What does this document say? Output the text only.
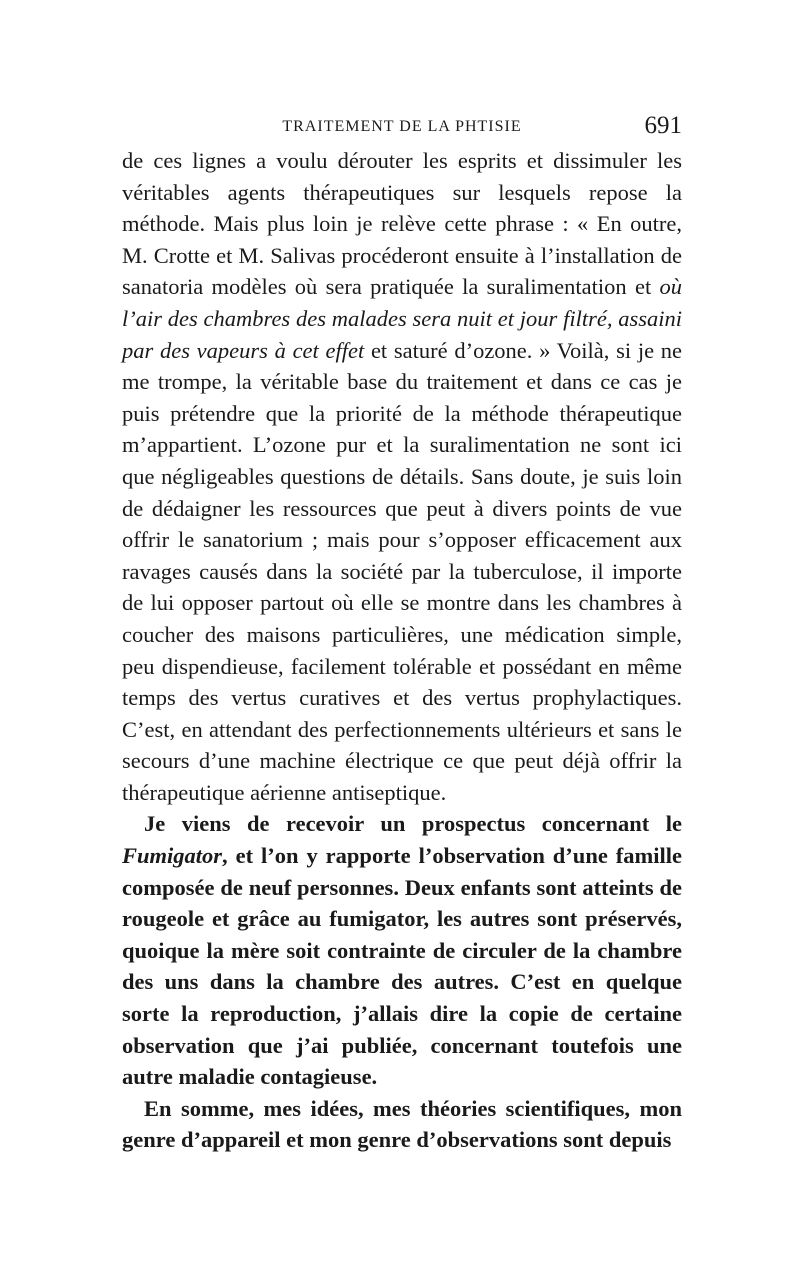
TRAITEMENT DE LA PHTISIE	691

de ces lignes a voulu dérouter les esprits et dissimuler les véritables agents thérapeutiques sur lesquels repose la méthode. Mais plus loin je relève cette phrase : « En outre, M. Crotte et M. Salivas procéderont ensuite à l’installation de sanatoria modèles où sera pratiquée la suralimentation et où l’air des chambres des malades sera nuit et jour filtré, assaini par des vapeurs à cet effet et saturé d’ozone. » Voilà, si je ne me trompe, la véritable base du traitement et dans ce cas je puis prétendre que la priorité de la méthode thérapeutique m’appartient. L’ozone pur et la suralimentation ne sont ici que négligeables questions de détails. Sans doute, je suis loin de dédaigner les ressources que peut à divers points de vue offrir le sanatorium ; mais pour s’opposer efficacement aux ravages causés dans la société par la tuberculose, il importe de lui opposer partout où elle se montre dans les chambres à coucher des maisons particulières, une médication simple, peu dispendieuse, facilement tolérable et possédant en même temps des vertus curatives et des vertus prophylactiques. C’est, en attendant des perfectionnements ultérieurs et sans le secours d’une machine électrique ce que peut déjà offrir la thérapeutique aérienne antiseptique.

Je viens de recevoir un prospectus concernant le Fumigator, et l’on y rapporte l’observation d’une famille composée de neuf personnes. Deux enfants sont atteints de rougeole et grâce au fumigator, les autres sont préservés, quoique la mère soit contrainte de circuler de la chambre des uns dans la chambre des autres. C’est en quelque sorte la reproduction, j’allais dire la copie de certaine observation que j’ai publiée, concernant toutefois une autre maladie contagieuse.

En somme, mes idées, mes théories scientifiques, mon genre d’appareil et mon genre d’observations sont depuis
